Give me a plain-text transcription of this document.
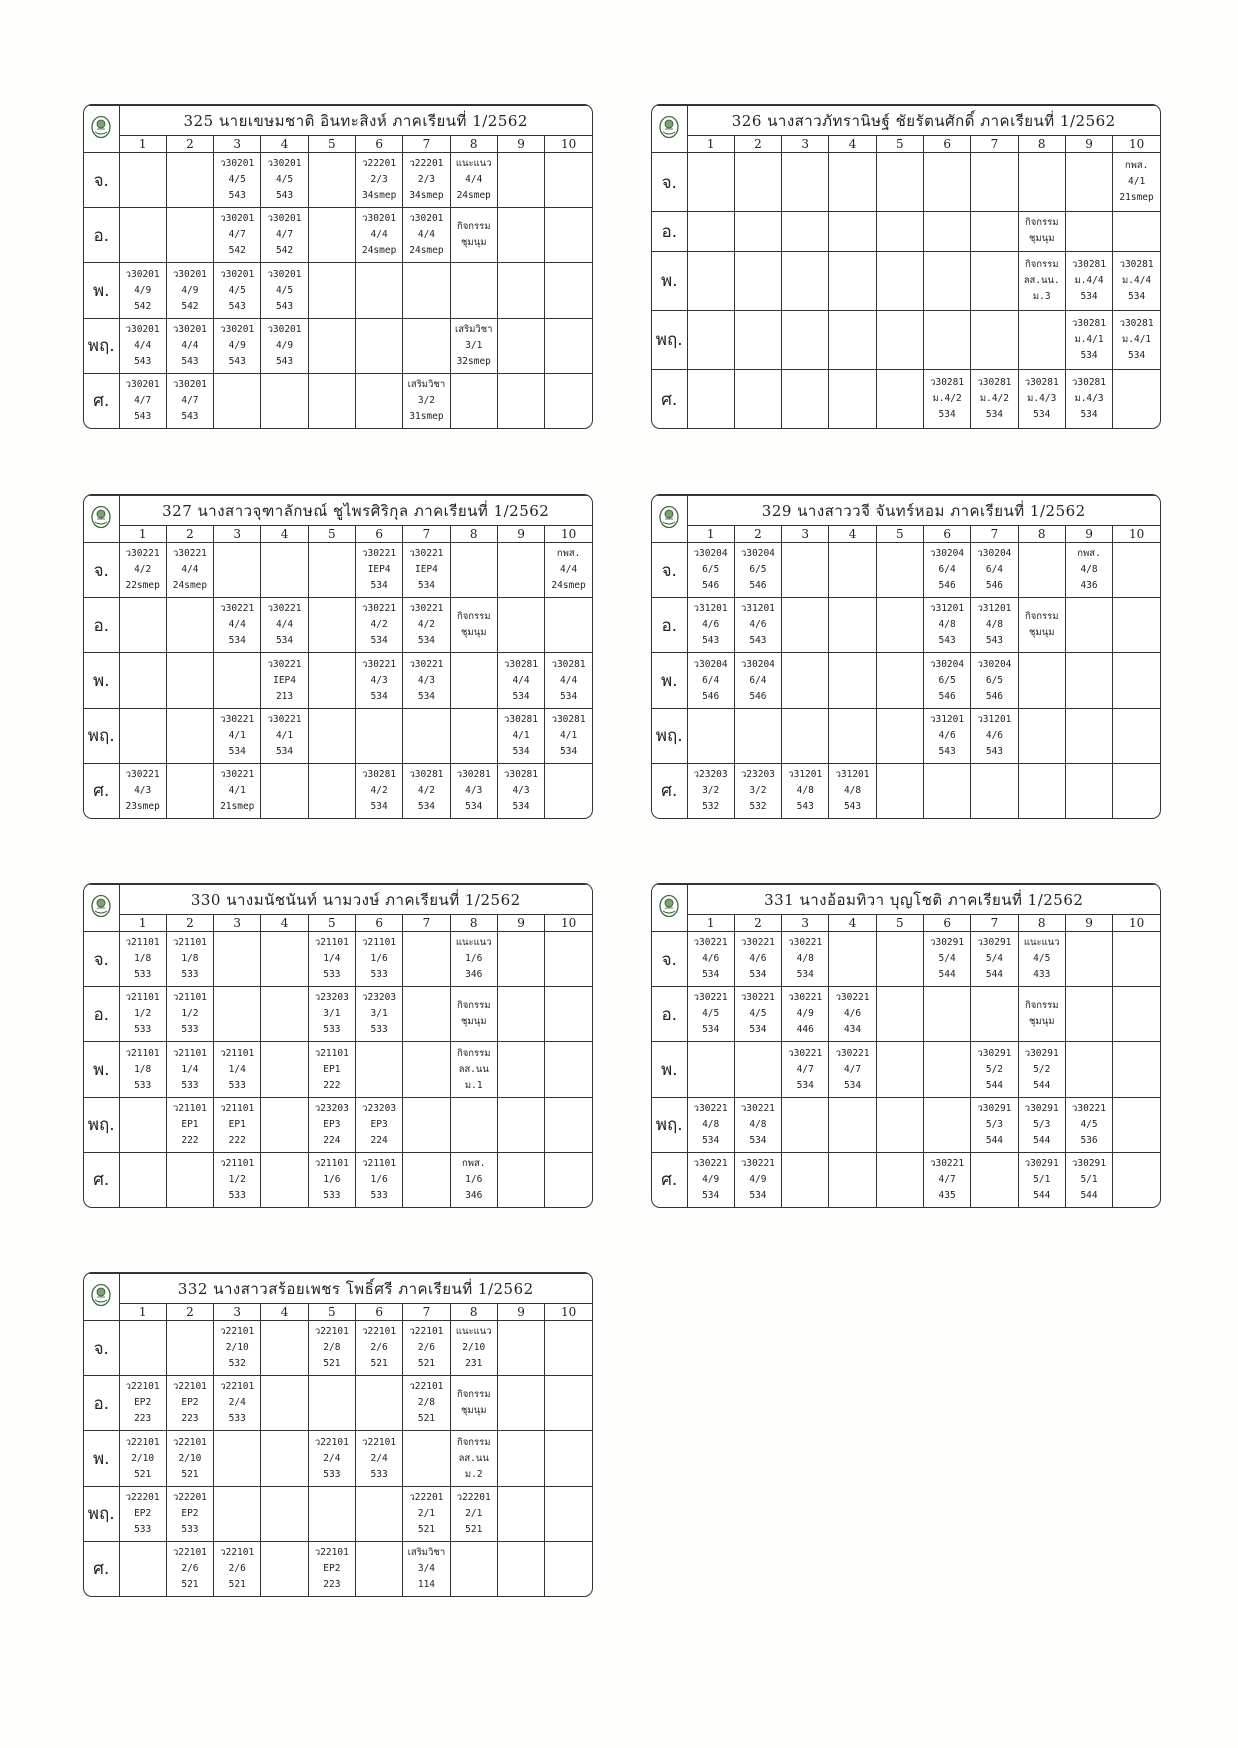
	325 นายเขษมชาติ อินทะสิงห์ ภาคเรียนที่ 1/2562									
	1	2	3	4	5	6	7	8	9	10
จ.			ว30201
4/5
543	ว30201
4/5
543		ว22201
2/3
34smep	ว22201
2/3
34smep	แนะแนว
4/4
24smep		

อ.			ว30201
4/7
542	ว30201
4/7
542		ว30201
4/4
24smep	ว30201
4/4
24smep	กิจกรรม
ชุมนุม		

พ.	ว30201
4/9
542	ว30201
4/9
542	ว30201
4/5
543	ว30201
4/5
543						

พฤ.	ว30201
4/4
543	ว30201
4/4
543	ว30201
4/9
543	ว30201
4/9
543				เสริมวิชา
3/1
32smep		

ศ.	ว30201
4/7
543	ว30201
4/7
543					เสริมวิชา
3/2
31smep			

	326 นางสาวภัทรานิษฐ์ ชัยรัตนศักดิ์ ภาคเรียนที่ 1/2562									
	1	2	3	4	5	6	7	8	9	10
จ.										กพส.
4/1
21smep

อ.								กิจกรรม
ชุมนุม		

พ.								กิจกรรม
ลส.นน.
ม.3	ว30281
ม.4/4
534	ว30281
ม.4/4
534

พฤ.									ว30281
ม.4/1
534	ว30281
ม.4/1
534

ศ.						ว30281
ม.4/2
534	ว30281
ม.4/2
534	ว30281
ม.4/3
534	ว30281
ม.4/3
534	

	327 นางสาวจุฑาลักษณ์ ชูไพรศิริกุล ภาคเรียนที่ 1/2562									
	1	2	3	4	5	6	7	8	9	10
จ.	ว30221
4/2
22smep	ว30221
4/4
24smep				ว30221
IEP4
534	ว30221
IEP4
534			กพส.
4/4
24smep

อ.			ว30221
4/4
534	ว30221
4/4
534		ว30221
4/2
534	ว30221
4/2
534	กิจกรรม
ชุมนุม		

พ.				ว30221
IEP4
213		ว30221
4/3
534	ว30221
4/3
534		ว30281
4/4
534	ว30281
4/4
534

พฤ.			ว30221
4/1
534	ว30221
4/1
534					ว30281
4/1
534	ว30281
4/1
534

ศ.	ว30221
4/3
23smep		ว30221
4/1
21smep			ว30281
4/2
534	ว30281
4/2
534	ว30281
4/3
534	ว30281
4/3
534	

	329 นางสาววจี จันทร์หอม ภาคเรียนที่ 1/2562									
	1	2	3	4	5	6	7	8	9	10
จ.	ว30204
6/5
546	ว30204
6/5
546				ว30204
6/4
546	ว30204
6/4
546		กพส.
4/8
436	

อ.	ว31201
4/6
543	ว31201
4/6
543				ว31201
4/8
543	ว31201
4/8
543	กิจกรรม
ชุมนุม		

พ.	ว30204
6/4
546	ว30204
6/4
546				ว30204
6/5
546	ว30204
6/5
546			

พฤ.						ว31201
4/6
543	ว31201
4/6
543			

ศ.	ว23203
3/2
532	ว23203
3/2
532	ว31201
4/8
543	ว31201
4/8
543						

	330 นางมนัชนันท์ นามวงษ์ ภาคเรียนที่ 1/2562									
	1	2	3	4	5	6	7	8	9	10
จ.	ว21101
1/8
533	ว21101
1/8
533			ว21101
1/4
533	ว21101
1/6
533		แนะแนว
1/6
346		

อ.	ว21101
1/2
533	ว21101
1/2
533			ว23203
3/1
533	ว23203
3/1
533		กิจกรรม
ชุมนุม		

พ.	ว21101
1/8
533	ว21101
1/4
533	ว21101
1/4
533		ว21101
EP1
222			กิจกรรม
ลส.นน
ม.1		

พฤ.		ว21101
EP1
222	ว21101
EP1
222		ว23203
EP3
224	ว23203
EP3
224				

ศ.			ว21101
1/2
533		ว21101
1/6
533	ว21101
1/6
533		กพส.
1/6
346		

	331 นางอ้อมทิวา บุญโชติ ภาคเรียนที่ 1/2562									
	1	2	3	4	5	6	7	8	9	10
จ.	ว30221
4/6
534	ว30221
4/6
534	ว30221
4/8
534			ว30291
5/4
544	ว30291
5/4
544	แนะแนว
4/5
433		

อ.	ว30221
4/5
534	ว30221
4/5
534	ว30221
4/9
446	ว30221
4/6
434				กิจกรรม
ชุมนุม		

พ.			ว30221
4/7
534	ว30221
4/7
534			ว30291
5/2
544	ว30291
5/2
544		

พฤ.	ว30221
4/8
534	ว30221
4/8
534					ว30291
5/3
544	ว30291
5/3
544	ว30221
4/5
536	

ศ.	ว30221
4/9
534	ว30221
4/9
534				ว30221
4/7
435		ว30291
5/1
544	ว30291
5/1
544	

	332 นางสาวสร้อยเพชร โพธิ์ศรี ภาคเรียนที่ 1/2562									
	1	2	3	4	5	6	7	8	9	10
จ.			ว22101
2/10
532		ว22101
2/8
521	ว22101
2/6
521	ว22101
2/6
521	แนะแนว
2/10
231		

อ.	ว22101
EP2
223	ว22101
EP2
223	ว22101
2/4
533				ว22101
2/8
521	กิจกรรม
ชุมนุม		

พ.	ว22101
2/10
521	ว22101
2/10
521			ว22101
2/4
533	ว22101
2/4
533		กิจกรรม
ลส.นน
ม.2		

พฤ.	ว22201
EP2
533	ว22201
EP2
533					ว22201
2/1
521	ว22201
2/1
521		

ศ.		ว22101
2/6
521	ว22101
2/6
521		ว22101
EP2
223		เสริมวิชา
3/4
114			
